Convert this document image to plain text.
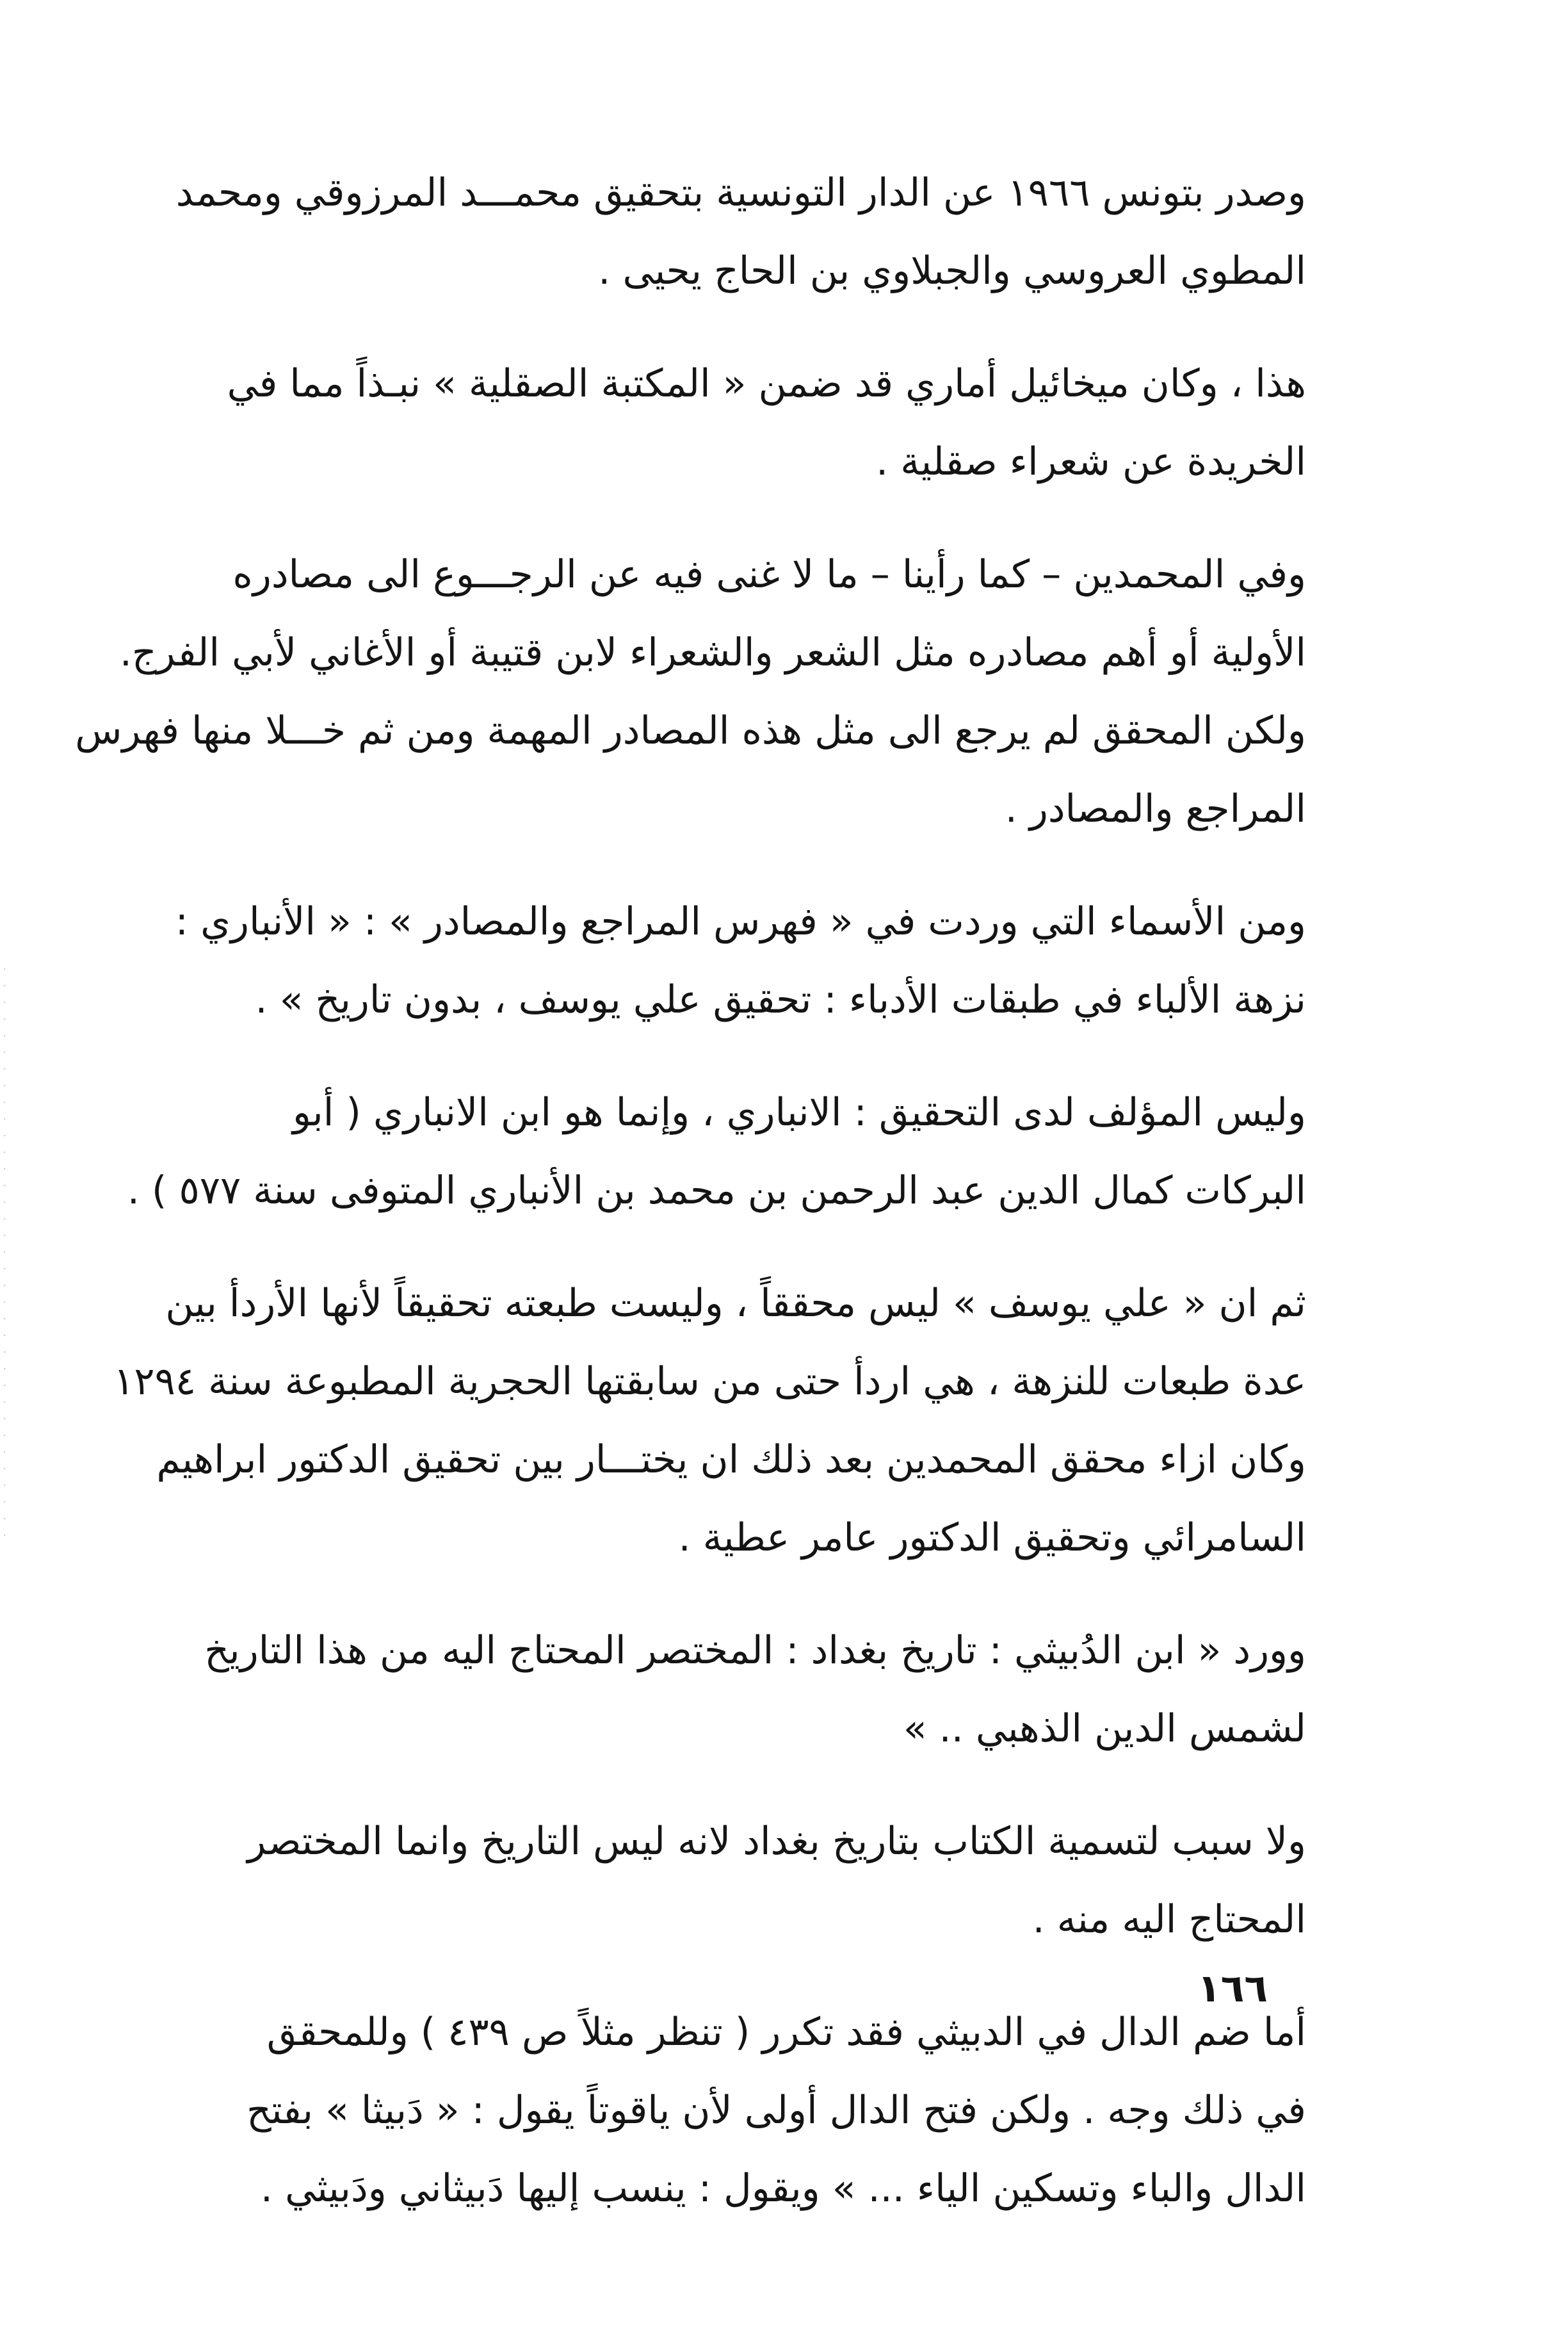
وصدر بتونس ١٩٦٦ عن الدار التونسية بتحقيق محمـــد المرزوقي ومحمد
المطوي العروسي والجبلاوي بن الحاج يحيى .
هذا ، وكان ميخائيل أماري قد ضمن « المكتبة الصقلية » نبـذاً مما في
الخريدة عن شعراء صقلية .
وفي المحمدين – كما رأينا – ما لا غنى فيه عن الرجـــوع الى مصادره
الأولية أو أهم مصادره مثل الشعر والشعراء لابن قتيبة أو الأغاني لأبي الفرج.
ولكن المحقق لم يرجع الى مثل هذه المصادر المهمة ومن ثم خـــلا منها فهرس
المراجع والمصادر .
ومن الأسماء التي وردت في « فهرس المراجع والمصادر » : « الأنباري :
نزهة الألباء في طبقات الأدباء : تحقيق علي يوسف ، بدون تاريخ » .
وليس المؤلف لدى التحقيق : الانباري ، وإنما هو ابن الانباري ( أبو
البركات كمال الدين عبد الرحمن بن محمد بن الأنباري المتوفى سنة ٥٧٧ ) .
ثم ان « علي يوسف » ليس محققاً ، وليست طبعته تحقيقاً لأنها الأردأ بين
عدة طبعات للنزهة ، هي اردأ حتى من سابقتها الحجرية المطبوعة سنة ١٢٩٤
وكان ازاء محقق المحمدين بعد ذلك ان يختـــار بين تحقيق الدكتور ابراهيم
السامرائي وتحقيق الدكتور عامر عطية .
وورد « ابن الدُبيثي : تاريخ بغداد : المختصر المحتاج اليه من هذا التاريخ
لشمس الدين الذهبي .. »
ولا سبب لتسمية الكتاب بتاريخ بغداد لانه ليس التاريخ وانما المختصر
المحتاج اليه منه .
أما ضم الدال في الدبيثي فقد تكرر ( تنظر مثلاً ص ٤٣٩ ) وللمحقق
في ذلك وجه . ولكن فتح الدال أولى لأن ياقوتاً يقول : « دَبيثا » بفتح
الدال والباء وتسكين الياء ... » ويقول : ينسب إليها دَبيثاني ودَبيثي .
١٦٦
